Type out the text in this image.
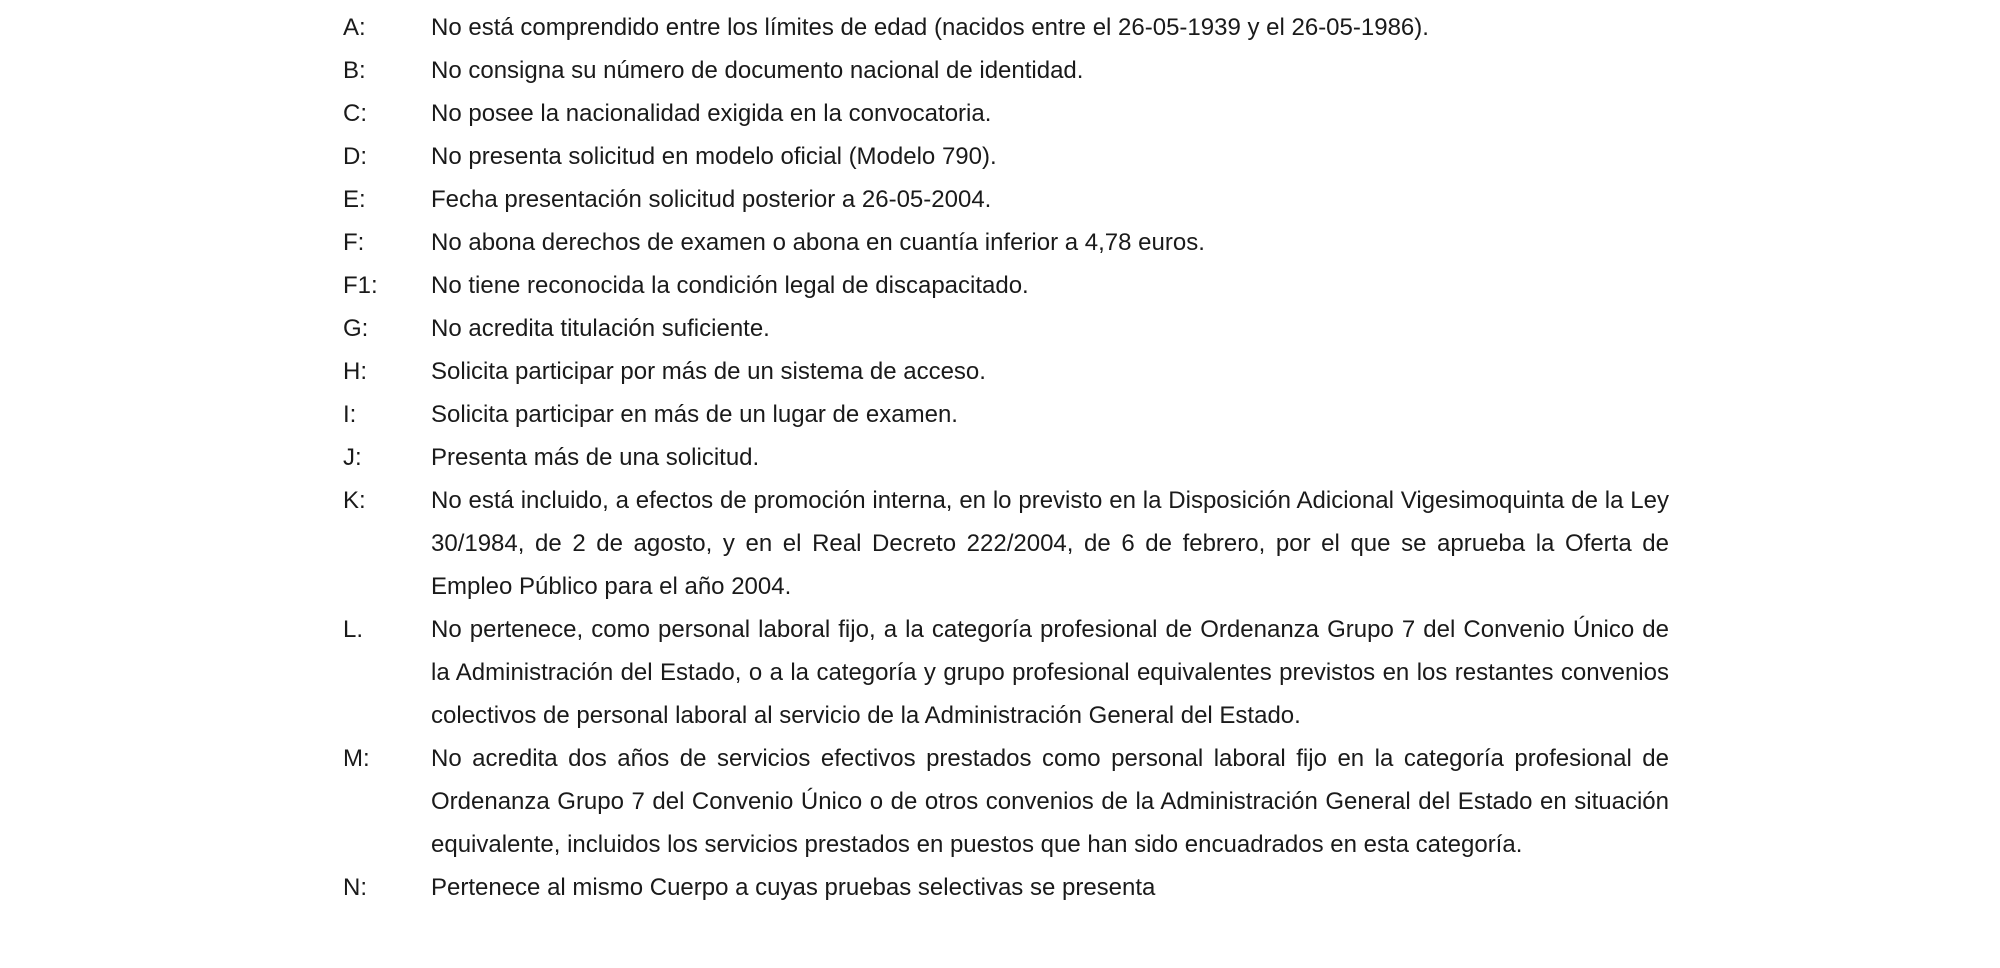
A:	No está comprendido entre los límites de edad (nacidos entre el 26-05-1939 y el 26-05-1986).
B:	No consigna su número de documento nacional de identidad.
C:	No posee la nacionalidad exigida en la convocatoria.
D:	No presenta solicitud en modelo oficial (Modelo 790).
E:	Fecha presentación solicitud posterior a 26-05-2004.
F:	No abona derechos de examen o abona en cuantía inferior a 4,78 euros.
F1:	No tiene reconocida la condición legal de discapacitado.
G:	No acredita titulación suficiente.
H:	Solicita participar por más de un sistema de acceso.
I:	Solicita participar en más de un lugar de examen.
J:	Presenta más de una solicitud.
K:	No está incluido, a efectos de promoción interna, en lo previsto en la Disposición Adicional Vigesimoquinta de la Ley 30/1984, de 2 de agosto, y en el Real Decreto 222/2004, de 6 de febrero, por el que se aprueba la Oferta de Empleo Público para el año 2004.
L.	No pertenece, como personal laboral fijo, a la categoría profesional de Ordenanza Grupo 7 del Convenio Único de la Administración del Estado, o a la categoría y grupo profesional equivalentes previstos en los restantes convenios colectivos de personal laboral al servicio de la Administración General del Estado.
M:	No acredita dos años de servicios efectivos prestados como personal laboral fijo en la categoría profesional de Ordenanza Grupo 7 del Convenio Único o de otros convenios de la Administración General del Estado en situación equivalente, incluidos los servicios prestados en puestos que han sido encuadrados en esta categoría.
N:	Pertenece al mismo Cuerpo a cuyas pruebas selectivas se presenta
